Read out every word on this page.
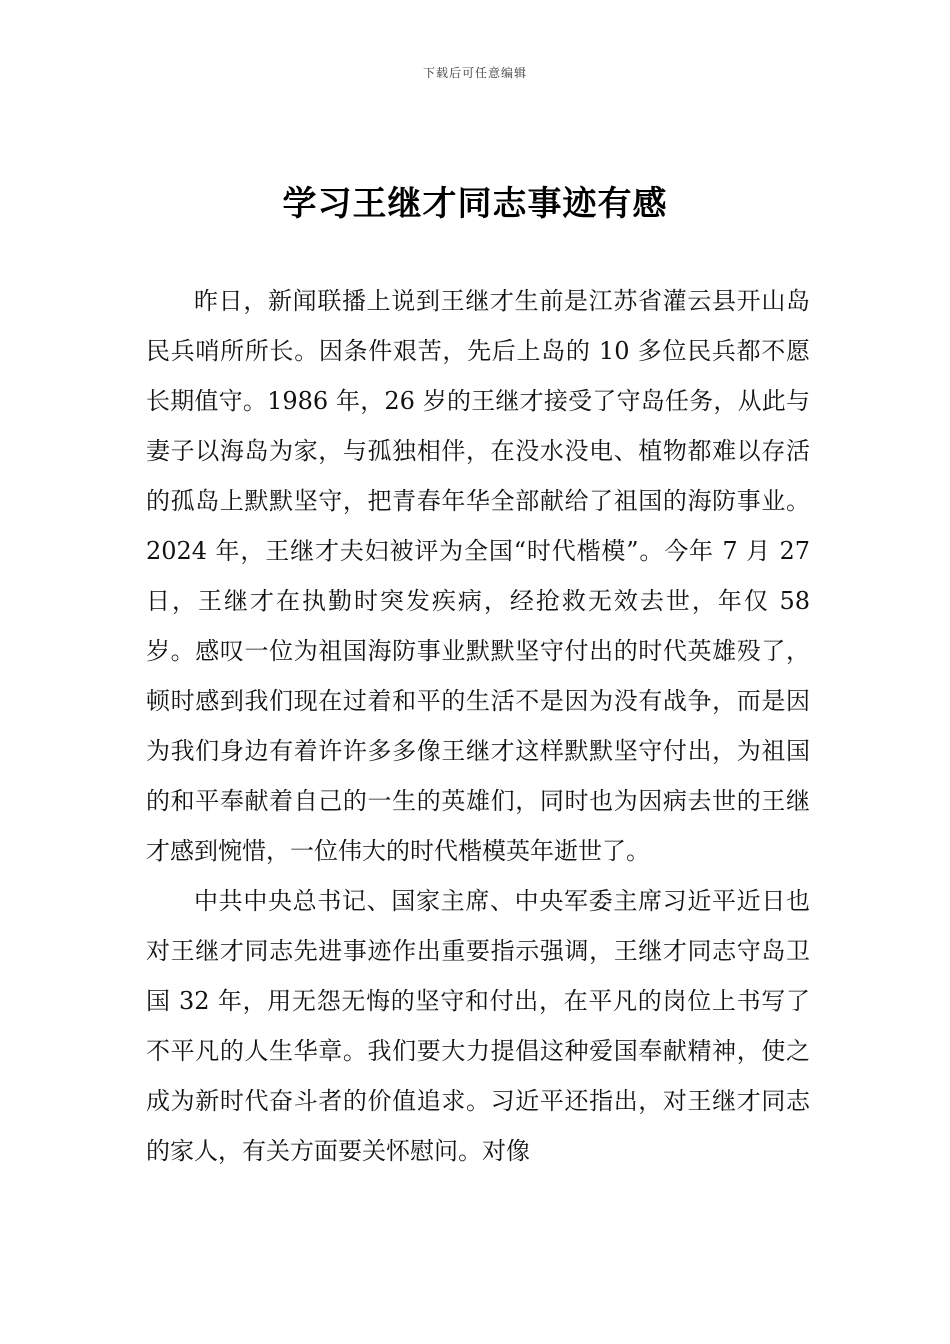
下载后可任意编辑
学习王继才同志事迹有感

昨日，新闻联播上说到王继才生前是江苏省灌云县开山岛民兵哨所所长。因条件艰苦，先后上岛的 10 多位民兵都不愿长期值守。1986 年，26 岁的王继才接受了守岛任务，从此与妻子以海岛为家，与孤独相伴，在没水没电、植物都难以存活的孤岛上默默坚守，把青春年华全部献给了祖国的海防事业。2024 年，王继才夫妇被评为全国“时代楷模”。今年 7 月 27 日，王继才在执勤时突发疾病，经抢救无效去世，年仅 58 岁。感叹一位为祖国海防事业默默坚守付出的时代英雄殁了，顿时感到我们现在过着和平的生活不是因为没有战争，而是因为我们身边有着许许多多像王继才这样默默坚守付出，为祖国的和平奉献着自己的一生的英雄们，同时也为因病去世的王继才感到惋惜，一位伟大的时代楷模英年逝世了。

中共中央总书记、国家主席、中央军委主席习近平近日也对王继才同志先进事迹作出重要指示强调，王继才同志守岛卫国 32 年，用无怨无悔的坚守和付出，在平凡的岗位上书写了不平凡的人生华章。我们要大力提倡这种爱国奉献精神，使之成为新时代奋斗者的价值追求。习近平还指出，对王继才同志的家人，有关方面要关怀慰问。对像
